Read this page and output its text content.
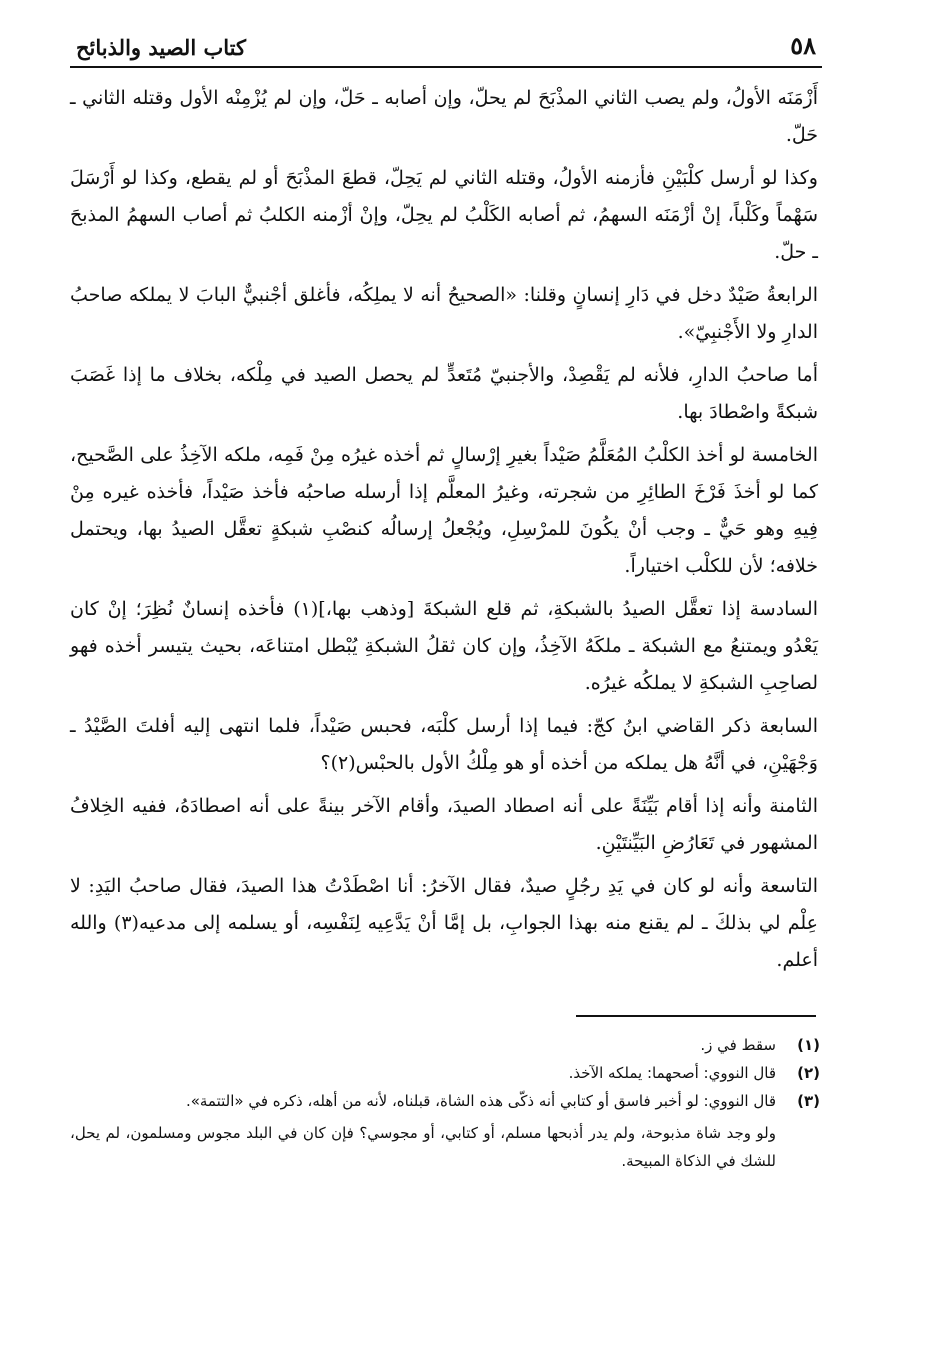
٥٨
كتاب الصيد والذبائح

أَزْمَنَه الأولُ، ولم يصب الثاني المذْبَحَ لم يحلّ، وإن أصابه ـ حَلّ، وإن لم يُزْمِنْه الأول وقتله الثاني ـ حَلّ.

وكذا لو أرسل كلْبَيْنِ فأزمنه الأولُ، وقتله الثاني لم يَحِلّ، قطعَ المذْبَحَ أو لم يقطع، وكذا لو أَرْسَلَ سَهْماً وكَلْباً، إنْ أزْمَنَه السهمُ، ثم أصابه الكَلْبُ لم يحِلّ، وإنْ أزْمنه الكلبُ ثم أصاب السهمُ المذبحَ ـ حلّ.

الرابعةُ صَيْدٌ دخل في دَارِ إنسانٍ وقلنا: «الصحيحُ أنه لا يملِكُه، فأغلق أجْنبيٌّ البابَ لا يملكه صاحبُ الدارِ ولا الأَجْنبِيّ».

أما صاحبُ الدارِ، فلأنه لم يَقْصِدْ، والأجنبيّ مُتَعدٍّ لم يحصل الصيد في مِلْكه، بخلاف ما إذا غَصَبَ شبكةً واصْطادَ بها.

الخامسة لو أخذ الكلْبُ المُعَلَّمُ صَيْداً بغيرِ إرْسالٍ ثم أخذه غيرُه مِنْ فَمِه، ملكه الآخِذُ على الصَّحيح، كما لو أخذَ فَرْخَ الطائِرِ من شجرته، وغيرُ المعلَّم إذا أرسله صاحبُه فأخذ صَيْداً، فأخذه غيره مِنْ فِيهِ وهو حَيٌّ ـ وجب أنْ يكُونَ للمرْسِلِ، ويُجْعلُ إرسالُه كنصْبِ شبكةٍ تعقَّل الصيدُ بها، ويحتمل خلافه؛ لأن للكلْب اختياراً.

السادسة إذا تعقَّل الصيدُ بالشبكةِ، ثم قلع الشبكةَ [وذهب بها،](١) فأخذه إنسانٌ نُظِرَ؛ إنْ كان يَعْدُو ويمتنعُ مع الشبكة ـ ملكَهُ الآخِذُ، وإن كان ثقلُ الشبكةِ يُبْطل امتناعَه، بحيث يتيسر أخذه فهو لصاحِبِ الشبكةِ لا يملكُه غيرُه.

السابعة ذكر القاضي ابنُ كجّ: فيما إذا أرسل كلْبَه، فحبس صَيْداً، فلما انتهى إليه أفلتَ الصَّيْدُ ـ وَجْهَيْنِ، في أنَّهُ هل يملكه من أخذه أو هو مِلْكُ الأول بالحبْس(٢)؟

الثامنة وأنه إذا أقام بَيِّنَةً على أنه اصطاد الصيدَ، وأقام الآخر بينةً على أنه اصطادَهُ، ففيه الخِلافُ المشهور في تَعَارُضِ البَيِّنتَيْنِ.

التاسعة وأنه لو كان في يَدِ رجُلٍ صيدٌ، فقال الآخرُ: أنا اصْطَدْتُ هذا الصيدَ، فقال صاحبُ اليَدِ: لا عِلْم لي بذلكَ ـ لم يقنع منه بهذا الجوابِ، بل إمَّا أنْ يَدَّعِيه لِنَفْسِه، أو يسلمه إلى مدعيه(٣) والله أعلم.

(١)
سقط في ز.
(٢)
قال النووي: أصحهما: يملكه الآخذ.
(٣)
قال النووي: لو أخبر فاسق أو كتابي أنه ذكّى هذه الشاة، قبلناه، لأنه من أهله، ذكره في «التتمة».

ولو وجد شاة مذبوحة، ولم يدر أذبحها مسلم، أو كتابي، أو مجوسي؟ فإن كان في البلد مجوس ومسلمون، لم يحل، للشك في الذكاة المبيحة.
